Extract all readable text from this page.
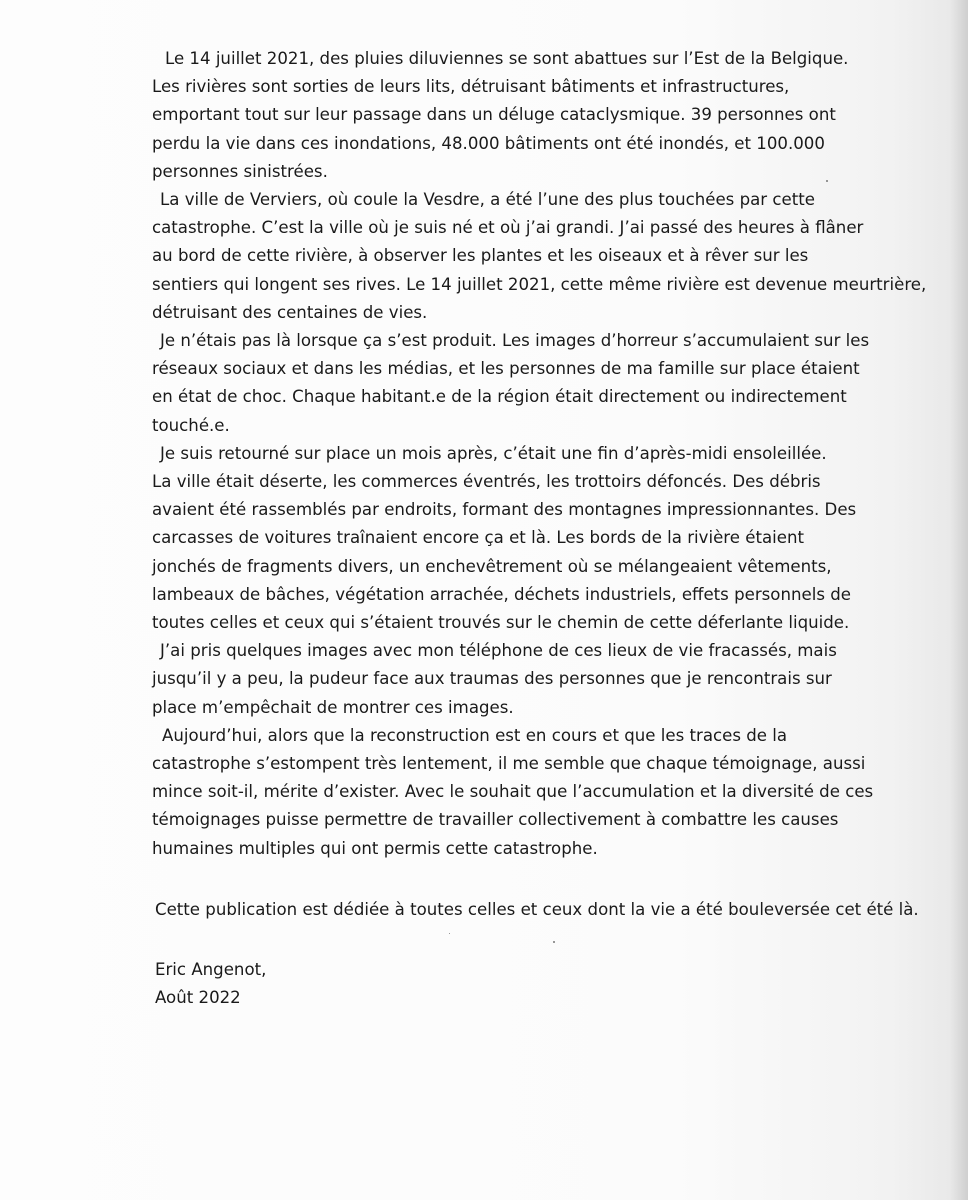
Le 14 juillet 2021, des pluies diluviennes se sont abattues sur l’Est de la Belgique.
Les rivières sont sorties de leurs lits, détruisant bâtiments et infrastructures,
emportant tout sur leur passage dans un déluge cataclysmique. 39 personnes ont
perdu la vie dans ces inondations, 48.000 bâtiments ont été inondés, et 100.000
personnes sinistrées.

La ville de Verviers, où coule la Vesdre, a été l’une des plus touchées par cette
catastrophe. C’est la ville où je suis né et où j’ai grandi. J’ai passé des heures à flâner
au bord de cette rivière, à observer les plantes et les oiseaux et à rêver sur les
sentiers qui longent ses rives. Le 14 juillet 2021, cette même rivière est devenue meurtrière,
détruisant des centaines de vies.

Je n’étais pas là lorsque ça s’est produit. Les images d’horreur s’accumulaient sur les
réseaux sociaux et dans les médias, et les personnes de ma famille sur place étaient
en état de choc. Chaque habitant.e de la région était directement ou indirectement
touché.e.

Je suis retourné sur place un mois après, c’était une fin d’après-midi ensoleillée.
La ville était déserte, les commerces éventrés, les trottoirs défoncés. Des débris
avaient été rassemblés par endroits, formant des montagnes impressionnantes. Des
carcasses de voitures traînaient encore ça et là. Les bords de la rivière étaient
jonchés de fragments divers, un enchevêtrement où se mélangeaient vêtements,
lambeaux de bâches, végétation arrachée, déchets industriels, effets personnels de
toutes celles et ceux qui s’étaient trouvés sur le chemin de cette déferlante liquide.

J’ai pris quelques images avec mon téléphone de ces lieux de vie fracassés, mais
jusqu’il y a peu, la pudeur face aux traumas des personnes que je rencontrais sur
place m’empêchait de montrer ces images.

Aujourd’hui, alors que la reconstruction est en cours et que les traces de la
catastrophe s’estompent très lentement, il me semble que chaque témoignage, aussi
mince soit-il, mérite d’exister. Avec le souhait que l’accumulation et la diversité de ces
témoignages puisse permettre de travailler collectivement à combattre les causes
humaines multiples qui ont permis cette catastrophe.

Cette publication est dédiée à toutes celles et ceux dont la vie a été bouleversée cet été là.
Eric Angenot,
Août 2022
